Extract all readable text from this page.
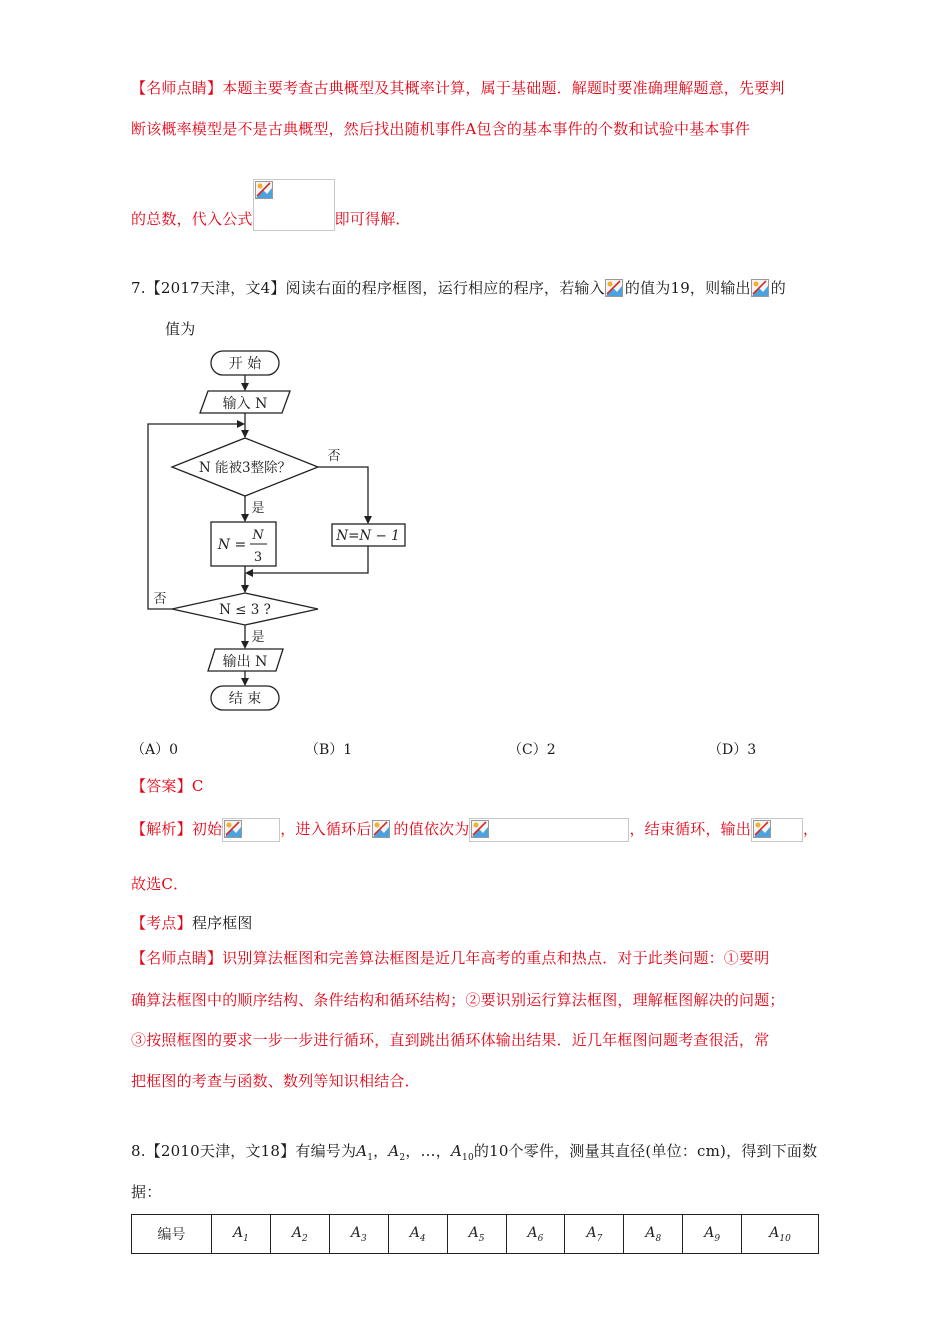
【名师点睛】本题主要考查古典概型及其概率计算，属于基础题．解题时要准确理解题意，先要判
断该概率模型是不是古典概型，然后找出随机事件A包含的基本事件的个数和试验中基本事件
的总数，代入公式	即可得解．
7.【2017天津，文4】阅读右面的程序框图，运行相应的程序，若输入 的值为19，则输出 的
值为
开 始
输入 N
N 能被3整除？
否
是
N =
N
3
N=N − 1
N ≤ 3 ?
否
是
输出 N
结 束
（A）0	（B）1	（C）2	（D）3
【答案】C
【解析】初始	，进入循环后 的值依次为	，结束循环，输出	，
故选C．
【考点】程序框图
【名师点睛】识别算法框图和完善算法框图是近几年高考的重点和热点．对于此类问题：①要明
确算法框图中的顺序结构、条件结构和循环结构；②要识别运行算法框图，理解框图解决的问题；
③按照框图的要求一步一步进行循环，直到跳出循环体输出结果．近几年框图问题考查很活，常
把框图的考查与函数、数列等知识相结合．
8.【2010天津，文18】有编号为$A_1$，$A_2$，…，$A_{10}$的10个零件，测量其直径(单位：cm)，得到下面数
据：
编号	$A_1$	$A_2$	$A_3$	$A_4$	$A_5$	$A_6$	$A_7$	$A_8$	$A_9$	$A_{10}$
